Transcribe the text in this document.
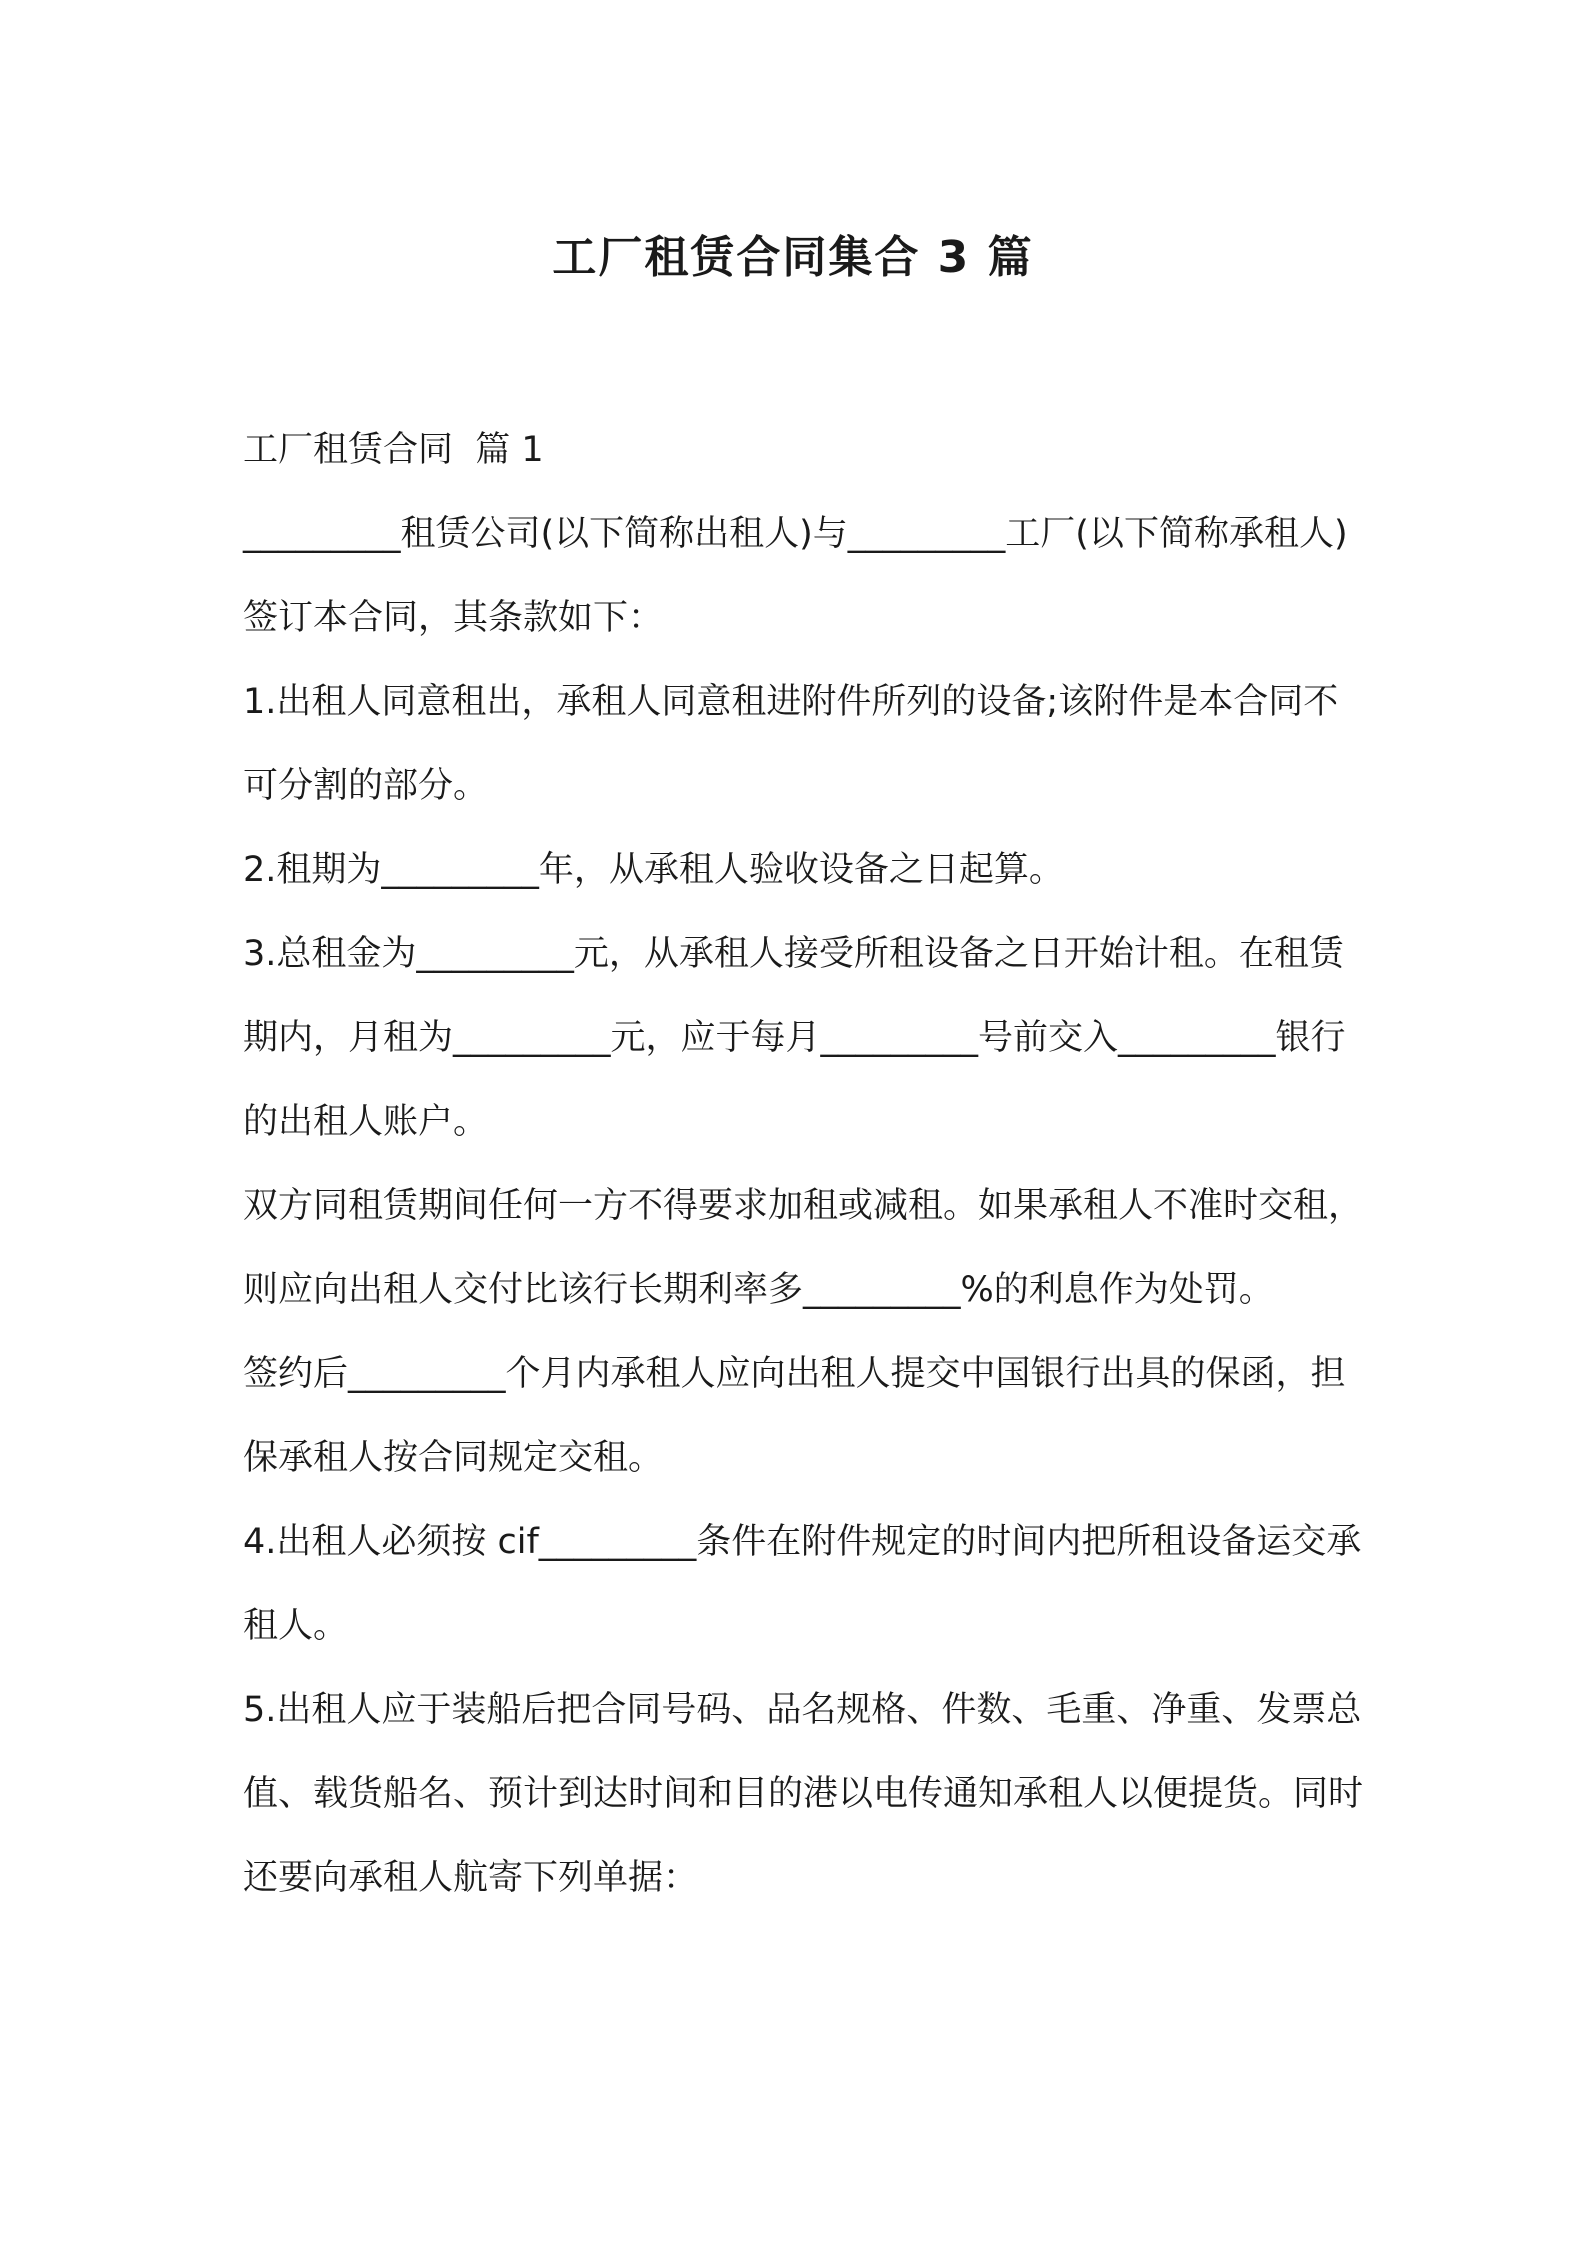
工厂租赁合同集合 3 篇

工厂租赁合同  篇 1

_________租赁公司(以下简称出租人)与_________工厂(以下简称承租人)签订本合同，其条款如下：

1.出租人同意租出，承租人同意租进附件所列的设备;该附件是本合同不可分割的部分。

2.租期为_________年，从承租人验收设备之日起算。

3.总租金为_________元，从承租人接受所租设备之日开始计租。在租赁期内，月租为_________元，应于每月_________号前交入_________银行的出租人账户。

双方同租赁期间任何一方不得要求加租或减租。如果承租人不准时交租，则应向出租人交付比该行长期利率多_________%的利息作为处罚。

签约后_________个月内承租人应向出租人提交中国银行出具的保函，担保承租人按合同规定交租。

4.出租人必须按 cif_________条件在附件规定的时间内把所租设备运交承租人。

5.出租人应于装船后把合同号码、品名规格、件数、毛重、净重、发票总值、载货船名、预计到达时间和目的港以电传通知承租人以便提货。同时还要向承租人航寄下列单据：
